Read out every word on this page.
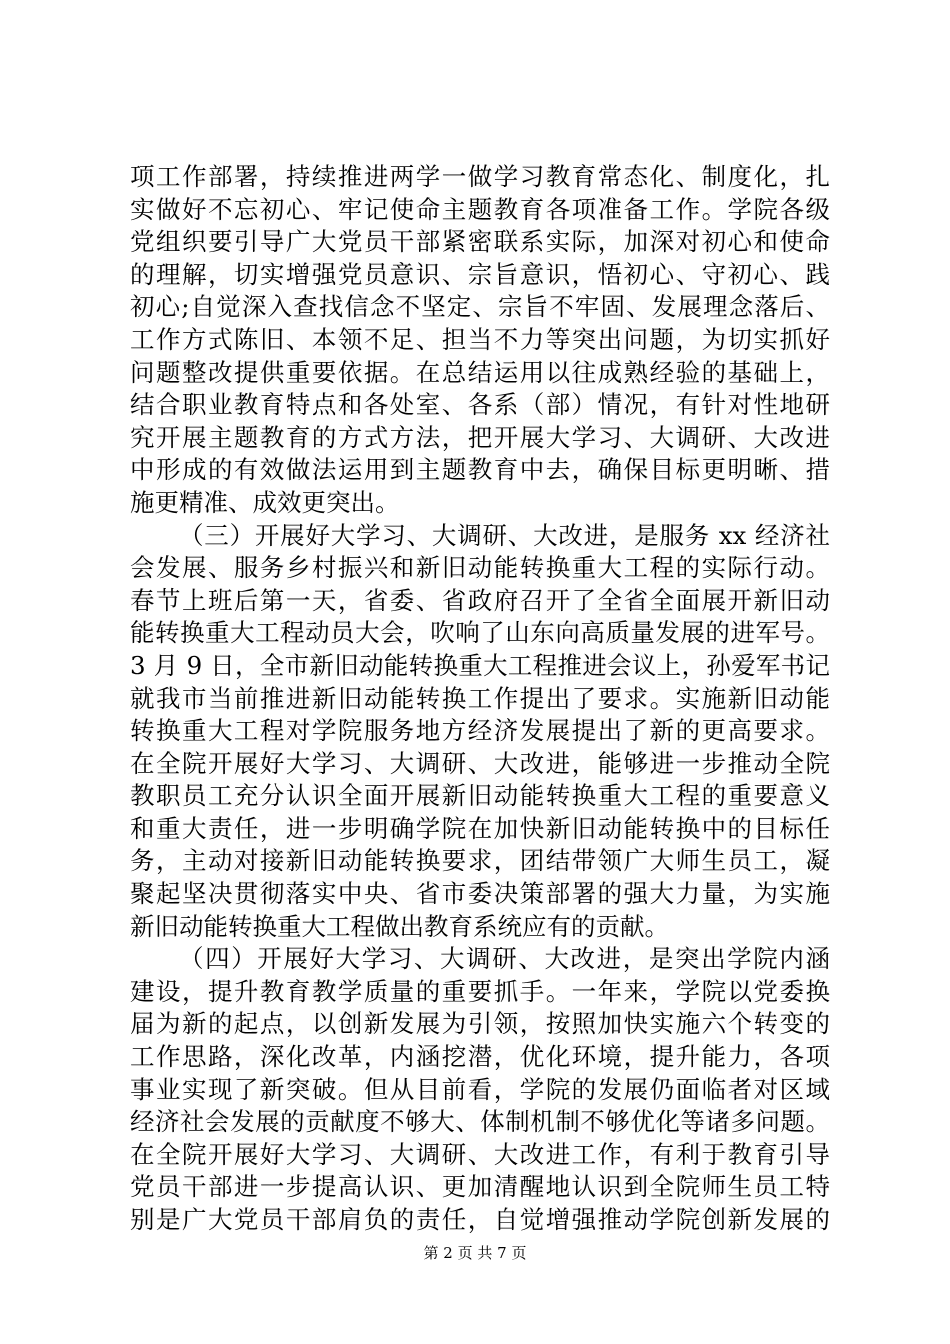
项工作部署，持续推进两学一做学习教育常态化、制度化，扎
实做好不忘初心、牢记使命主题教育各项准备工作。学院各级
党组织要引导广大党员干部紧密联系实际，加深对初心和使命
的理解，切实增强党员意识、宗旨意识，悟初心、守初心、践
初心;自觉深入查找信念不坚定、宗旨不牢固、发展理念落后、
工作方式陈旧、本领不足、担当不力等突出问题，为切实抓好
问题整改提供重要依据。在总结运用以往成熟经验的基础上，
结合职业教育特点和各处室、各系（部）情况，有针对性地研
究开展主题教育的方式方法，把开展大学习、大调研、大改进
中形成的有效做法运用到主题教育中去，确保目标更明晰、措
施更精准、成效更突出。
（三）开展好大学习、大调研、大改进，是服务 xx 经济社
会发展、服务乡村振兴和新旧动能转换重大工程的实际行动。
春节上班后第一天，省委、省政府召开了全省全面展开新旧动
能转换重大工程动员大会，吹响了山东向高质量发展的进军号。
3 月 9 日，全市新旧动能转换重大工程推进会议上，孙爱军书记
就我市当前推进新旧动能转换工作提出了要求。实施新旧动能
转换重大工程对学院服务地方经济发展提出了新的更高要求。
在全院开展好大学习、大调研、大改进，能够进一步推动全院
教职员工充分认识全面开展新旧动能转换重大工程的重要意义
和重大责任，进一步明确学院在加快新旧动能转换中的目标任
务，主动对接新旧动能转换要求，团结带领广大师生员工，凝
聚起坚决贯彻落实中央、省市委决策部署的强大力量，为实施
新旧动能转换重大工程做出教育系统应有的贡献。
（四）开展好大学习、大调研、大改进，是突出学院内涵
建设，提升教育教学质量的重要抓手。一年来，学院以党委换
届为新的起点，以创新发展为引领，按照加快实施六个转变的
工作思路，深化改革，内涵挖潜，优化环境，提升能力，各项
事业实现了新突破。但从目前看，学院的发展仍面临者对区域
经济社会发展的贡献度不够大、体制机制不够优化等诸多问题。
在全院开展好大学习、大调研、大改进工作，有利于教育引导
党员干部进一步提高认识、更加清醒地认识到全院师生员工特
别是广大党员干部肩负的责任，自觉增强推动学院创新发展的
第 2 页 共 7 页
